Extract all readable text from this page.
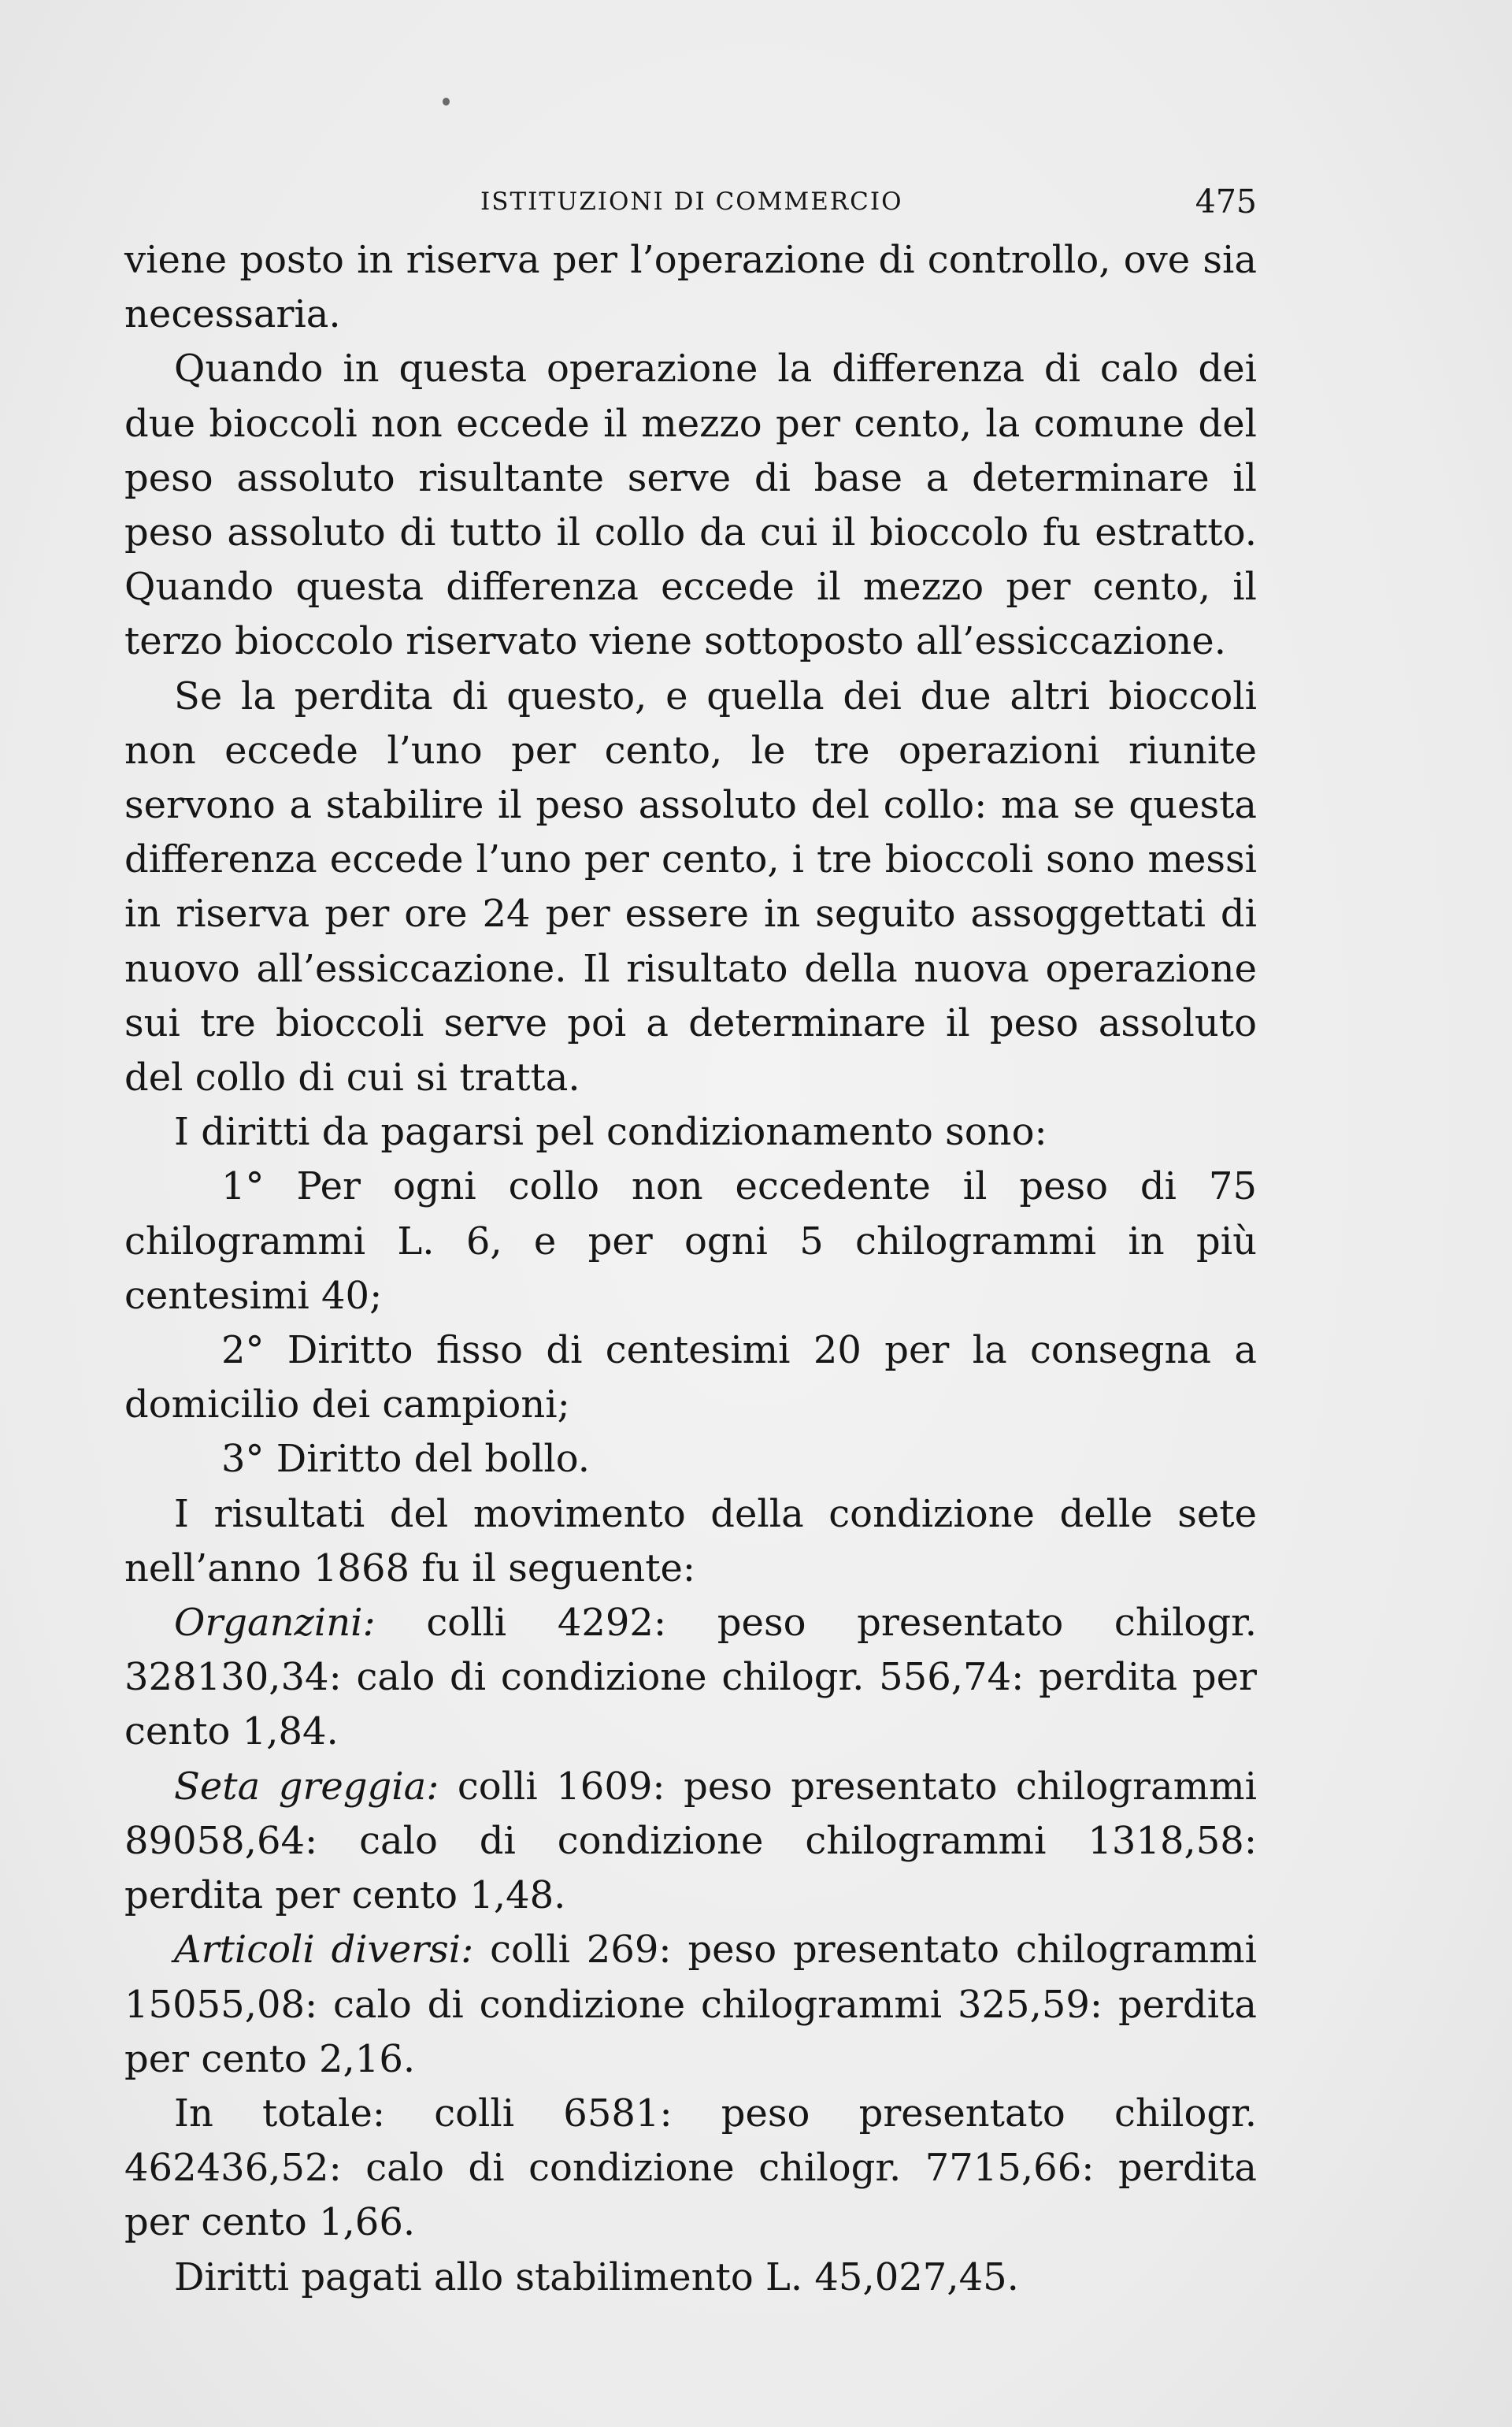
ISTITUZIONI DI COMMERCIO	475

viene posto in riserva per l’operazione di controllo, ove sia necessaria.

Quando in questa operazione la differenza di calo dei due bioccoli non eccede il mezzo per cento, la comune del peso assoluto risultante serve di base a determinare il peso assoluto di tutto il collo da cui il bioccolo fu estratto. Quando questa differenza eccede il mezzo per cento, il terzo bioccolo riservato viene sottoposto all’essiccazione.

Se la perdita di questo, e quella dei due altri bioccoli non eccede l’uno per cento, le tre operazioni riunite servono a stabilire il peso assoluto del collo: ma se questa differenza eccede l’uno per cento, i tre bioccoli sono messi in riserva per ore 24 per essere in seguito assoggettati di nuovo all’essiccazione. Il risultato della nuova operazione sui tre bioccoli serve poi a determinare il peso assoluto del collo di cui si tratta.

I diritti da pagarsi pel condizionamento sono:

1° Per ogni collo non eccedente il peso di 75 chilogrammi L. 6, e per ogni 5 chilogrammi in più centesimi 40;

2° Diritto fisso di centesimi 20 per la consegna a domicilio dei campioni;

3° Diritto del bollo.

I risultati del movimento della condizione delle sete nell’anno 1868 fu il seguente:

Organzini: colli 4292: peso presentato chilogr. 328130,34: calo di condizione chilogr. 556,74: perdita per cento 1,84.

Seta greggia: colli 1609: peso presentato chilogrammi 89058,64: calo di condizione chilogrammi 1318,58: perdita per cento 1,48.

Articoli diversi: colli 269: peso presentato chilogrammi 15055,08: calo di condizione chilogrammi 325,59: perdita per cento 2,16.

In totale: colli 6581: peso presentato chilogr. 462436,52: calo di condizione chilogr. 7715,66: perdita per cento 1,66.

Diritti pagati allo stabilimento L. 45,027,45.
